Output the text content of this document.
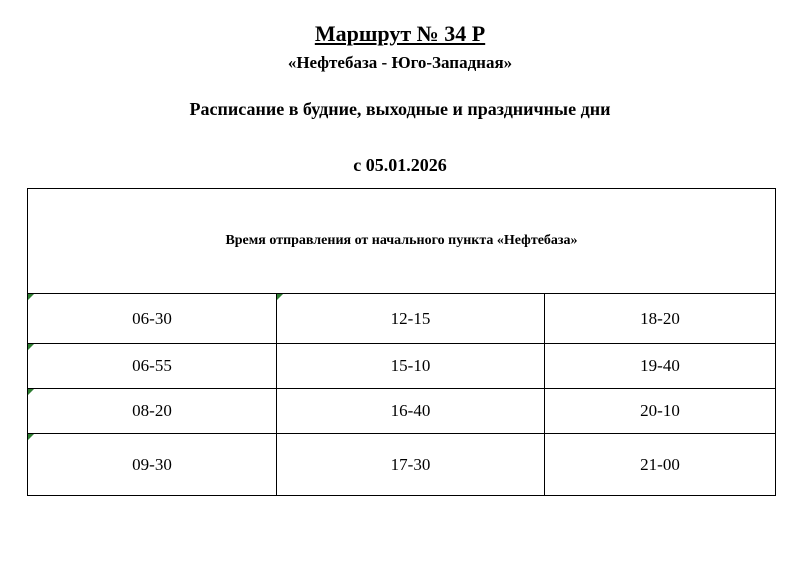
Маршрут № 34 Р
«Нефтебаза - Юго-Западная»
Расписание в будние, выходные и праздничные дни
с 05.01.2026
Время отправления от начального пункта «Нефтебаза»
06-30	12-15	18-20
06-55	15-10	19-40
08-20	16-40	20-10
09-30	17-30	21-00
